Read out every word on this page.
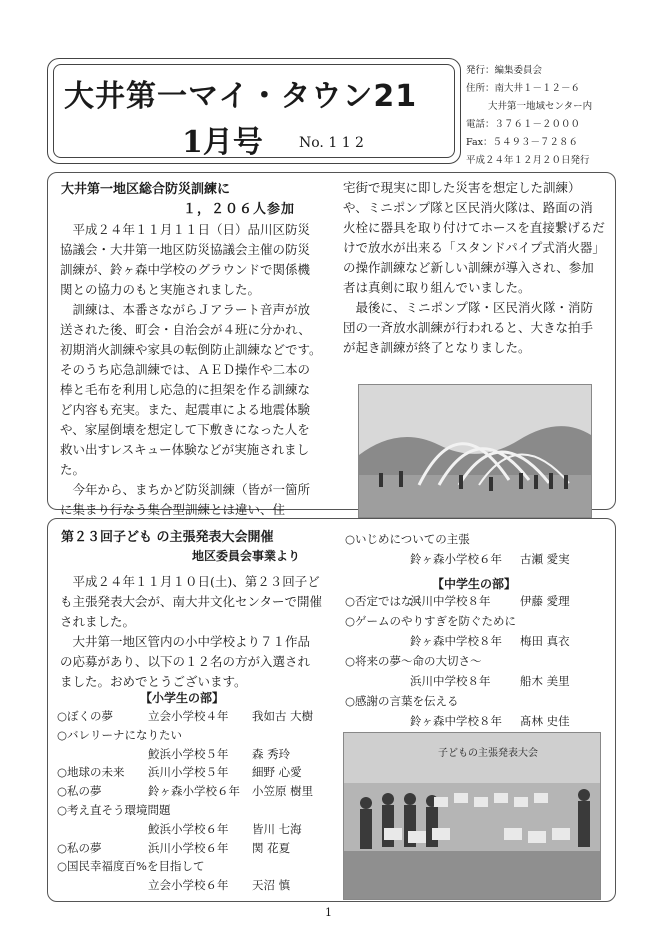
大井第一マイ・タウン21
1月号	No. 1 1 2
発行：編集委員会
住所：南大井１－１２－６
大井第一地域センター内
電話：３７６１－２０００
Fax：５４９３－７２８６
平成２４年１２月２０日発行
大井第一地区総合防災訓練に
１，２０６人参加

平成２４年１１月１１日（日）品川区防災協議会・大井第一地区防災協議会主催の防災訓練が、鈴ヶ森中学校のグラウンドで関係機関との協力のもと実施されました。

訓練は、本番さながらＪアラート音声が放送された後、町会・自治会が４班に分かれ、初期消火訓練や家具の転倒防止訓練などです。そのうち応急訓練では、ＡＥＤ操作や二本の棒と毛布を利用し応急的に担架を作る訓練など内容も充実。また、起震車による地震体験や、家屋倒壊を想定して下敷きになった人を救い出すレスキュー体験などが実施されました。

今年から、まちかど防災訓練（皆が一箇所に集まり行なう集合型訓練とは違い、住

宅街で現実に即した災害を想定した訓練）や、ミニポンプ隊と区民消火隊は、路面の消火栓に器具を取り付けてホースを直接繋げるだけで放水が出来る「スタンドパイプ式消火器」の操作訓練など新しい訓練が導入され、参加者は真剣に取り組んでいました。

最後に、ミニポンプ隊・区民消火隊・消防団の一斉放水訓練が行われると、大きな拍手が起き訓練が終了となりました。

第２３回子ども の主張発表大会開催
地区委員会事業より

平成２４年１１月１０日(土)、第２３回子ども主張発表大会が、南大井文化センターで開催されました。

大井第一地区管内の小中学校より７１作品の応募があり、以下の１２名の方が入選されました。おめでとうございます。

【小学生の部】
○ぼくの夢	立会小学校４年 我如古 大樹
○バレリーナになりたい
鮫浜小学校５年 森 秀玲
○地球の未来 浜川小学校５年 細野 心愛
○私の夢	鈴ヶ森小学校６年 小笠原 樹里
○考え直そう環境問題
鮫浜小学校６年 皆川 七海
○私の夢	浜川小学校６年 関 花夏
○国民幸福度百%を目指して
立会小学校６年 天沼 慎
○いじめについての主張
鈴ヶ森小学校６年 古瀬 愛実
【中学生の部】
○否定ではなく
浜川中学校８年	伊藤 愛理
○ゲームのやりすぎを防ぐために
鈴ヶ森中学校８年 梅田 真衣
○将来の夢～命の大切さ～
浜川中学校８年	船木 美里
○感謝の言葉を伝える
鈴ヶ森中学校８年 髙林 史佳
子どもの主張発表大会
1
